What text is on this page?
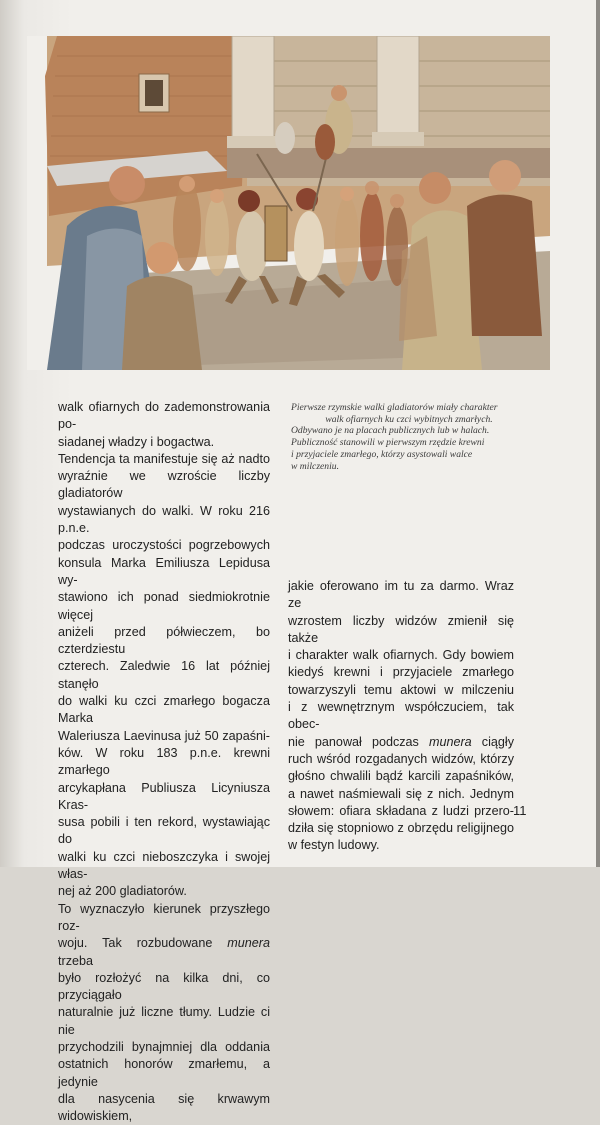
Pierwsze rzymskie walki gladiatorów miały charakter

walk ofiarnych ku czci wybitnych zmarłych.

Odbywano je na placach publicznych lub w halach.

Publiczność stanowili w pierwszym rzędzie krewni

i przyjaciele zmarłego, którzy asystowali walce

w milczeniu.

walk ofiarnych do zademonstrowania po-

siadanej władzy i bogactwa.

Tendencja ta manifestuje się aż nadto

wyraźnie we wzroście liczby gladiatorów

wystawianych do walki. W roku 216 p.n.e.

podczas uroczystości pogrzebowych

konsula Marka Emiliusza Lepidusa wy-

stawiono ich ponad siedmiokrotnie więcej

aniżeli przed półwieczem, bo czterdziestu

czterech. Zaledwie 16 lat później stanęło

do walki ku czci zmarłego bogacza Marka

Waleriusza Laevinusa już 50 zapaśni-

ków. W roku 183 p.n.e. krewni zmarłego

arcykapłana Publiusza Licyniusza Kras-

susa pobili i ten rekord, wystawiając do

walki ku czci nieboszczyka i swojej włas-

nej aż 200 gladiatorów.

To wyznaczyło kierunek przyszłego roz-

woju. Tak rozbudowane munera trzeba

było rozłożyć na kilka dni, co przyciągało

naturalnie już liczne tłumy. Ludzie ci nie

przychodzili bynajmniej dla oddania

ostatnich honorów zmarłemu, a jedynie

dla nasycenia się krwawym widowiskiem,

jakie oferowano im tu za darmo. Wraz ze

wzrostem liczby widzów zmienił się także

i charakter walk ofiarnych. Gdy bowiem

kiedyś krewni i przyjaciele zmarłego

towarzyszyli temu aktowi w milczeniu

i z wewnętrznym współczuciem, tak obec-

nie panował podczas munera ciągły

ruch wśród rozgadanych widzów, którzy

głośno chwalili bądź karcili zapaśników,

a nawet naśmiewali się z nich. Jednym

słowem: ofiara składana z ludzi przero-

dziła się stopniowo z obrzędu religijnego

w festyn ludowy.

11
